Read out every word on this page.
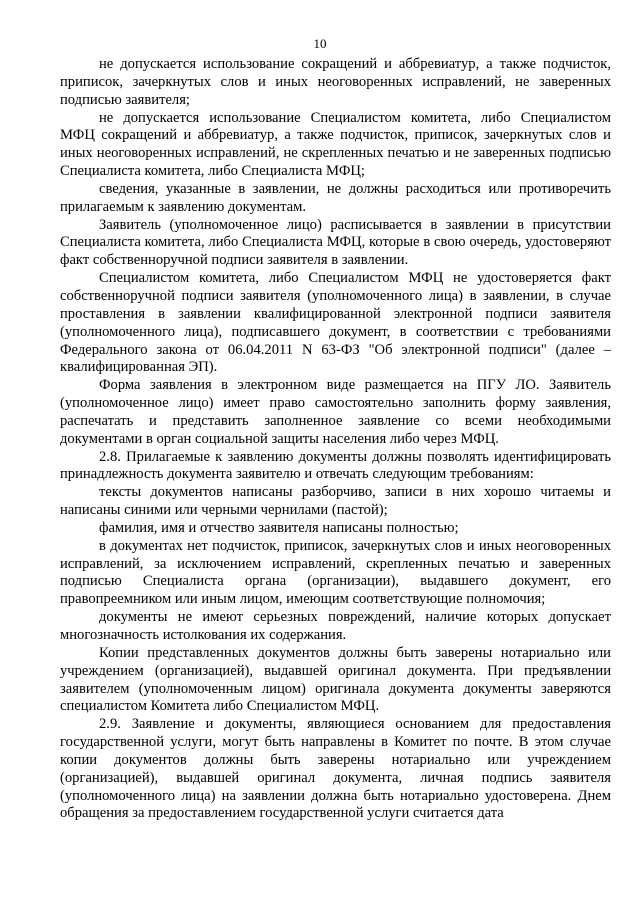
10

не допускается использование сокращений и аббревиатур, а также подчисток, приписок, зачеркнутых слов и иных неоговоренных исправлений, не заверенных подписью заявителя;

не допускается использование Специалистом комитета, либо Специалистом МФЦ сокращений и аббревиатур, а также подчисток, приписок, зачеркнутых слов и иных неоговоренных исправлений, не скрепленных печатью и не заверенных подписью Специалиста комитета, либо Специалиста МФЦ;

сведения, указанные в заявлении, не должны расходиться или противоречить прилагаемым к заявлению документам.

Заявитель (уполномоченное лицо) расписывается в заявлении в присутствии Специалиста комитета, либо Специалиста МФЦ, которые в свою очередь, удостоверяют факт собственноручной подписи заявителя в заявлении.

Специалистом комитета, либо Специалистом МФЦ не удостоверяется факт собственноручной подписи заявителя (уполномоченного лица) в заявлении, в случае проставления в заявлении квалифицированной электронной подписи заявителя (уполномоченного лица), подписавшего документ, в соответствии с требованиями Федерального закона от 06.04.2011 N 63-ФЗ "Об электронной подписи" (далее – квалифицированная ЭП).

Форма заявления в электронном виде размещается на ПГУ ЛО. Заявитель (уполномоченное лицо) имеет право самостоятельно заполнить форму заявления, распечатать и представить заполненное заявление со всеми необходимыми документами в орган социальной защиты населения либо через МФЦ.

2.8. Прилагаемые к заявлению документы должны позволять идентифицировать принадлежность документа заявителю и отвечать следующим требованиям:

тексты документов написаны разборчиво, записи в них хорошо читаемы и написаны синими или черными чернилами (пастой);

фамилия, имя и отчество заявителя написаны полностью;

в документах нет подчисток, приписок, зачеркнутых слов и иных неоговоренных исправлений, за исключением исправлений, скрепленных печатью и заверенных подписью Специалиста органа (организации), выдавшего документ, его правопреемником или иным лицом, имеющим соответствующие полномочия;

документы не имеют серьезных повреждений, наличие которых допускает многозначность истолкования их содержания.

Копии представленных документов должны быть заверены нотариально или учреждением (организацией), выдавшей оригинал документа. При предъявлении заявителем (уполномоченным лицом) оригинала документа документы заверяются специалистом Комитета либо Специалистом МФЦ.

2.9. Заявление и документы, являющиеся основанием для предоставления государственной услуги, могут быть направлены в Комитет по почте. В этом случае копии документов должны быть заверены нотариально или учреждением (организацией), выдавшей оригинал документа, личная подпись заявителя (уполномоченного лица) на заявлении должна быть нотариально удостоверена. Днем обращения за предоставлением государственной услуги считается дата
